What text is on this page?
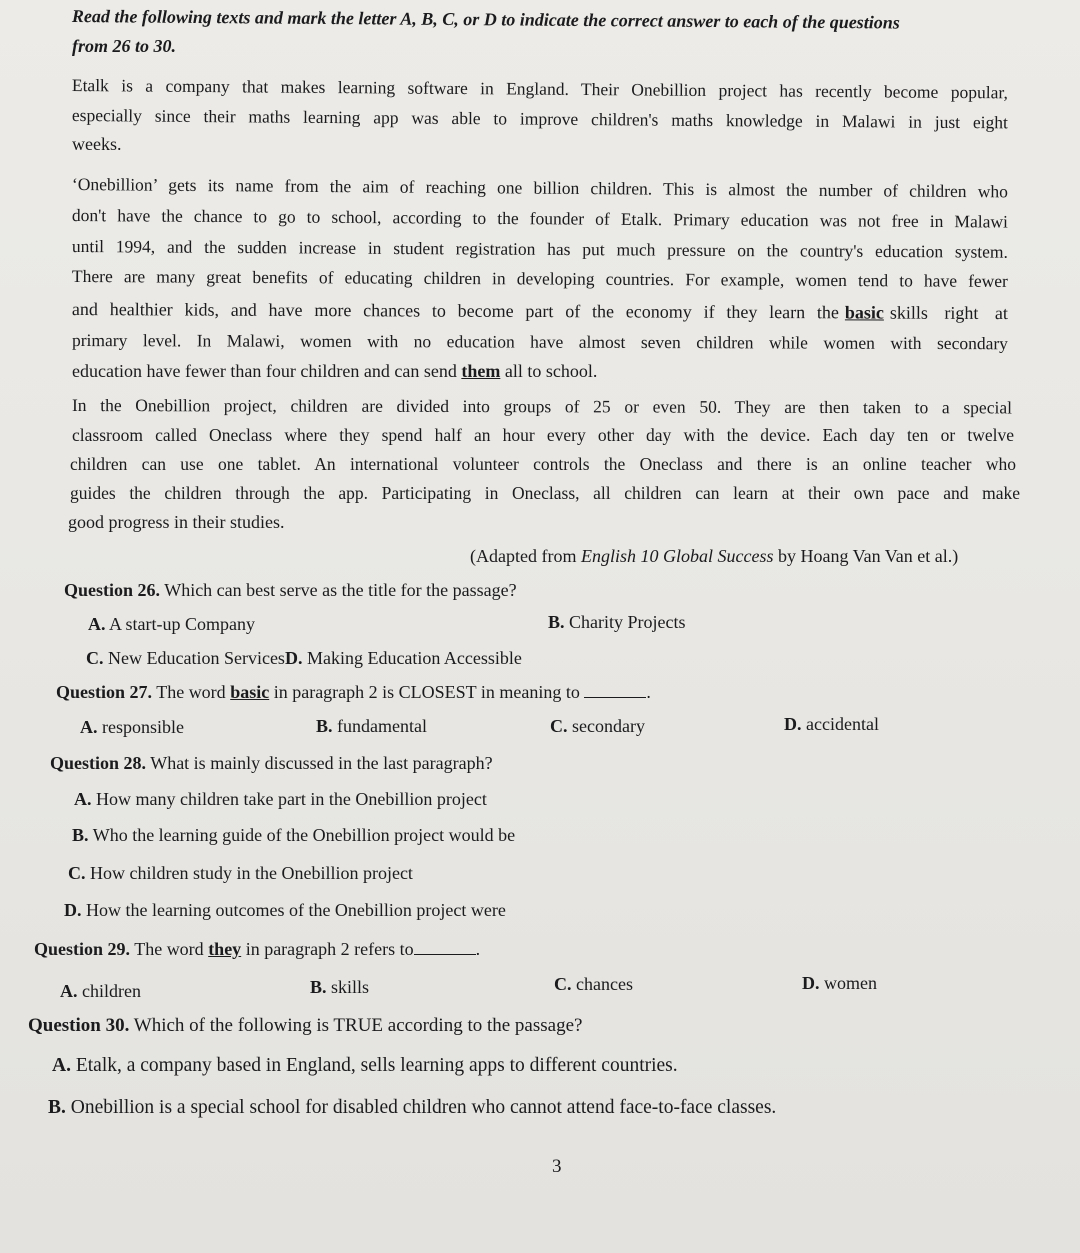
Read the following texts and mark the letter A, B, C, or D to indicate the correct answer to each of the questions
from 26 to 30.
Etalk is a company that makes learning software in England. Their Onebillion project has recently become popular,
especially since their maths learning app was able to improve children's maths knowledge in Malawi in just eight
weeks.
‘Onebillion’ gets its name from the aim of reaching one billion children. This is almost the number of children who
don't have the chance to go to school, according to the founder of Etalk. Primary education was not free in Malawi
until 1994, and the sudden increase in student registration has put much pressure on the country's education system.
There are many great benefits of educating children in developing countries. For example, women tend to have fewer
and healthier kids, and have more chances to become part of the economy if they learn the basic skills right at
primary level. In Malawi, women with no education have almost seven children while women with secondary
education have fewer than four children and can send them all to school.
In the Onebillion project, children are divided into groups of 25 or even 50. They are then taken to a special
classroom called Oneclass where they spend half an hour every other day with the device. Each day ten or twelve
children can use one tablet. An international volunteer controls the Oneclass and there is an online teacher who
guides the children through the app. Participating in Oneclass, all children can learn at their own pace and make
good progress in their studies.
(Adapted from English 10 Global Success by Hoang Van Van et al.)
Question 26. Which can best serve as the title for the passage?
A. A start-up Company	B. Charity Projects
C. New Education ServicesD. Making Education Accessible
Question 27. The word basic in paragraph 2 is CLOSEST in meaning to	.
A. responsible	B. fundamental	C. secondary	D. accidental
Question 28. What is mainly discussed in the last paragraph?
A. How many children take part in the Onebillion project
B. Who the learning guide of the Onebillion project would be
C. How children study in the Onebillion project
D. How the learning outcomes of the Onebillion project were
Question 29. The word they in paragraph 2 refers to	.
A. children	B. skills	C. chances	D. women
Question 30. Which of the following is TRUE according to the passage?
A. Etalk, a company based in England, sells learning apps to different countries.
B. Onebillion is a special school for disabled children who cannot attend face-to-face classes.
3
